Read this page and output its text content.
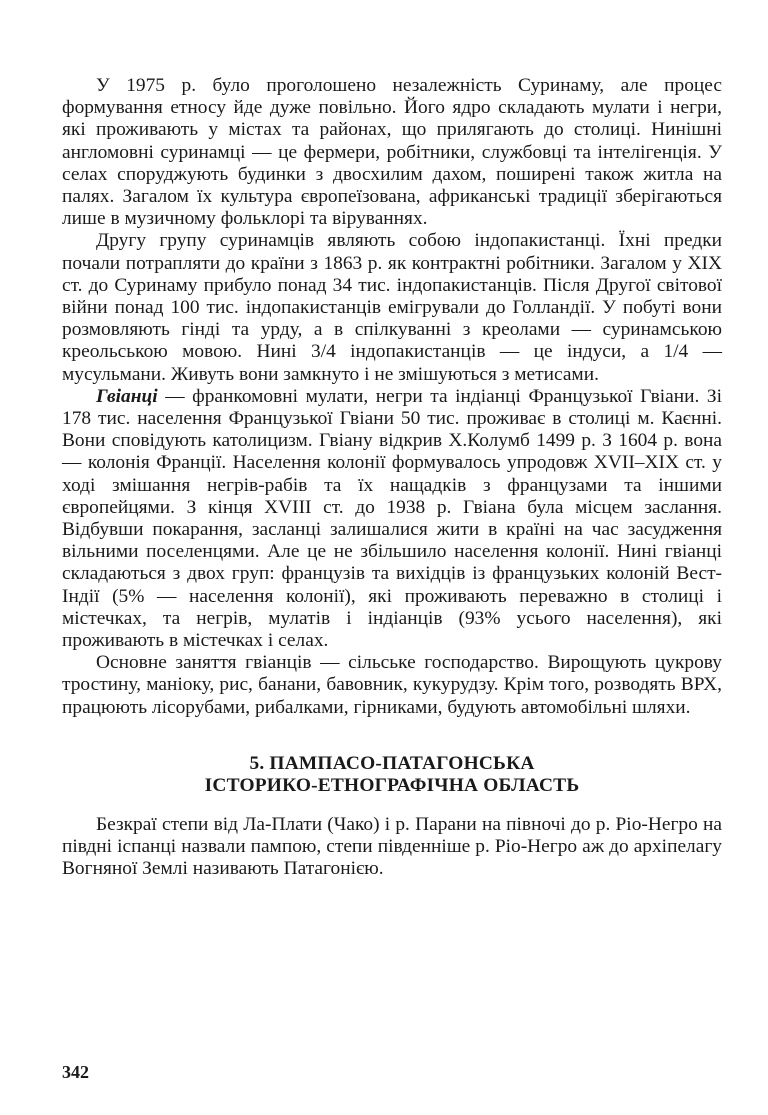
У 1975 р. було проголошено незалежність Суринаму, але процес формування етносу йде дуже повільно. Його ядро складають мулати і негри, які проживають у містах та районах, що прилягають до столиці. Нинішні англомовні суринамці — це фермери, робітники, службовці та інтелігенція. У селах споруджують будинки з двосхилим дахом, поширені також житла на палях. Загалом їх культура європеїзована, африканські традиції зберігаються лише в музичному фольклорі та віруваннях.

Другу групу суринамців являють собою індопакистанці. Їхні предки почали потрапляти до країни з 1863 р. як контрактні робітники. Загалом у XIX ст. до Суринаму прибуло понад 34 тис. індопакистанців. Після Другої світової війни понад 100 тис. індопакистанців емігрували до Голландії. У побуті вони розмовляють гінді та урду, а в спілкуванні з креолами — суринамською креольською мовою. Нині 3/4 індопакистанців — це індуси, а 1/4 — мусульмани. Живуть вони замкнуто і не змішуються з метисами.

Гвіанці — франкомовні мулати, негри та індіанці Французької Гвіани. Зі 178 тис. населення Французької Гвіани 50 тис. проживає в столиці м. Каєнні. Вони сповідують католицизм. Гвіану відкрив Х.Колумб 1499 р. З 1604 р. вона — колонія Франції. Населення колонії формувалось упродовж XVII–XIX ст. у ході змішання негрів-рабів та їх нащадків з французами та іншими європейцями. З кінця XVIII ст. до 1938 р. Гвіана була місцем заслання. Відбувши покарання, засланці залишалися жити в країні на час засудження вільними поселенцями. Але це не збільшило населення колонії. Нині гвіанці складаються з двох груп: французів та вихідців із французьких колоній Вест-Індії (5% — населення колонії), які проживають переважно в столиці і містечках, та негрів, мулатів і індіанців (93% усього населення), які проживають в містечках і селах.

Основне заняття гвіанців — сільське господарство. Вирощують цукрову тростину, маніоку, рис, банани, бавовник, кукурудзу. Крім того, розводять ВРХ, працюють лісорубами, рибалками, гірниками, будують автомобільні шляхи.

5. ПАМПАСО-ПАТАГОНСЬКА
ІСТОРИКО-ЕТНОГРАФІЧНА ОБЛАСТЬ

Безкраї степи від Ла-Плати (Чако) і р. Парани на півночі до р. Ріо-Негро на півдні іспанці назвали пампою, степи південніше р. Ріо-Негро аж до архіпелагу Вогняної Землі називають Патагонією.

342
